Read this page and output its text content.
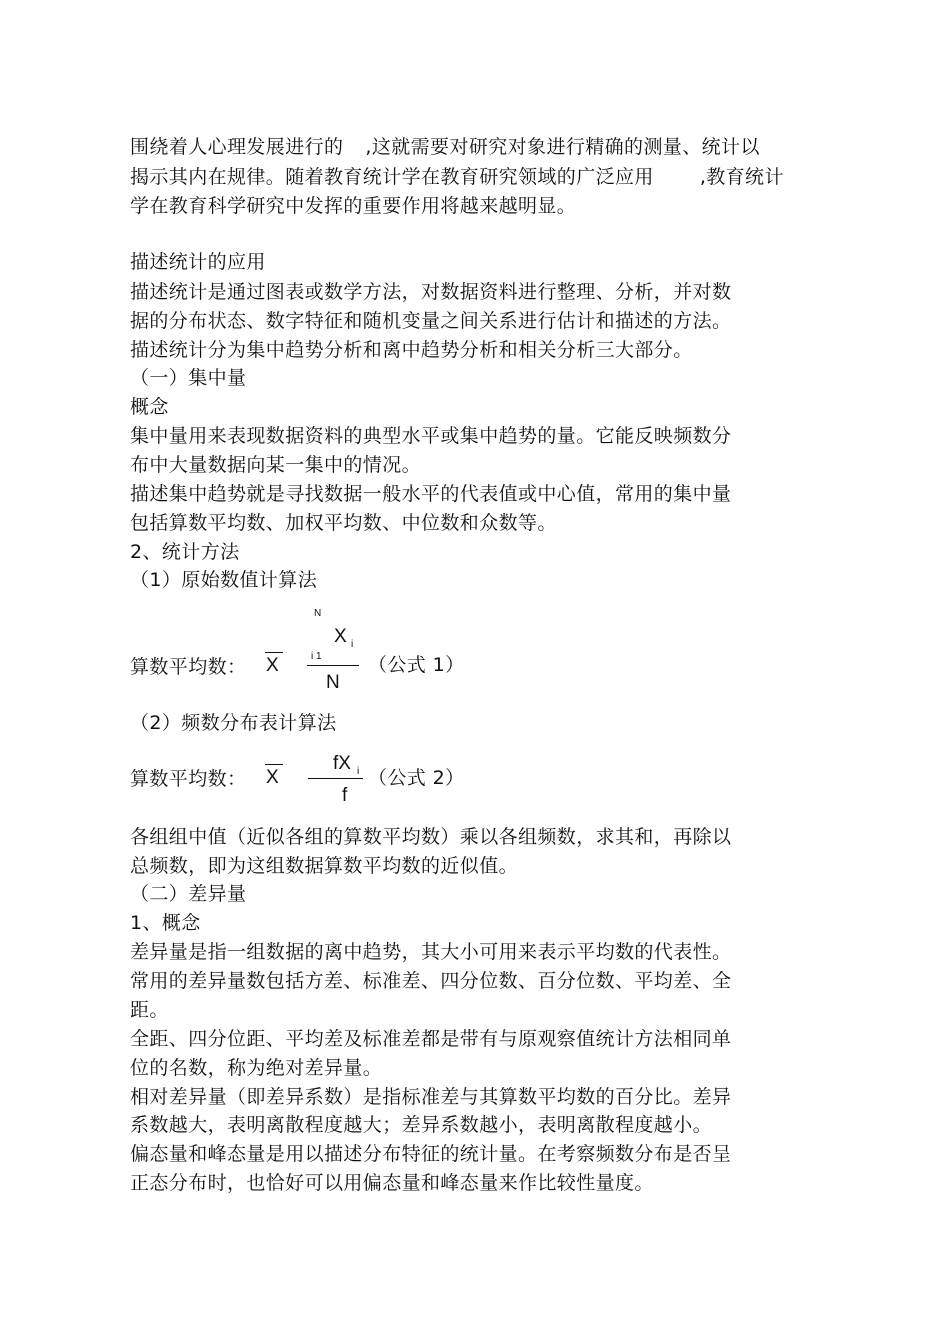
围绕着人心理发展进行的 ,这就需要对研究对象进行精确的测量、统计以
揭示其内在规律。随着教育统计学在教育研究领域的广泛应用 ,教育统计
学在教育科学研究中发挥的重要作用将越来越明显。
描述统计的应用
描述统计是通过图表或数学方法，对数据资料进行整理、分析，并对数
据的分布状态、数字特征和随机变量之间关系进行估计和描述的方法。
描述统计分为集中趋势分析和离中趋势分析和相关分析三大部分。
（一）集中量
概念
集中量用来表现数据资料的典型水平或集中趋势的量。它能反映频数分
布中大量数据向某一集中的情况。
描述集中趋势就是寻找数据一般水平的代表值或中心值，常用的集中量
包括算数平均数、加权平均数、中位数和众数等。
2、统计方法
（1）原始数值计算法
算数平均数： X
N
X i
i 1
N
（公式 1）
（2）频数分布表计算法
算数平均数： X
fX i
f
（公式 2）
各组组中值（近似各组的算数平均数）乘以各组频数，求其和，再除以
总频数，即为这组数据算数平均数的近似值。
（二）差异量
1、概念
差异量是指一组数据的离中趋势，其大小可用来表示平均数的代表性。
常用的差异量数包括方差、标准差、四分位数、百分位数、平均差、全
距。
全距、四分位距、平均差及标准差都是带有与原观察值统计方法相同单
位的名数，称为绝对差异量。
相对差异量（即差异系数）是指标准差与其算数平均数的百分比。差异
系数越大，表明离散程度越大；差异系数越小，表明离散程度越小。
偏态量和峰态量是用以描述分布特征的统计量。在考察频数分布是否呈
正态分布时，也恰好可以用偏态量和峰态量来作比较性量度。
